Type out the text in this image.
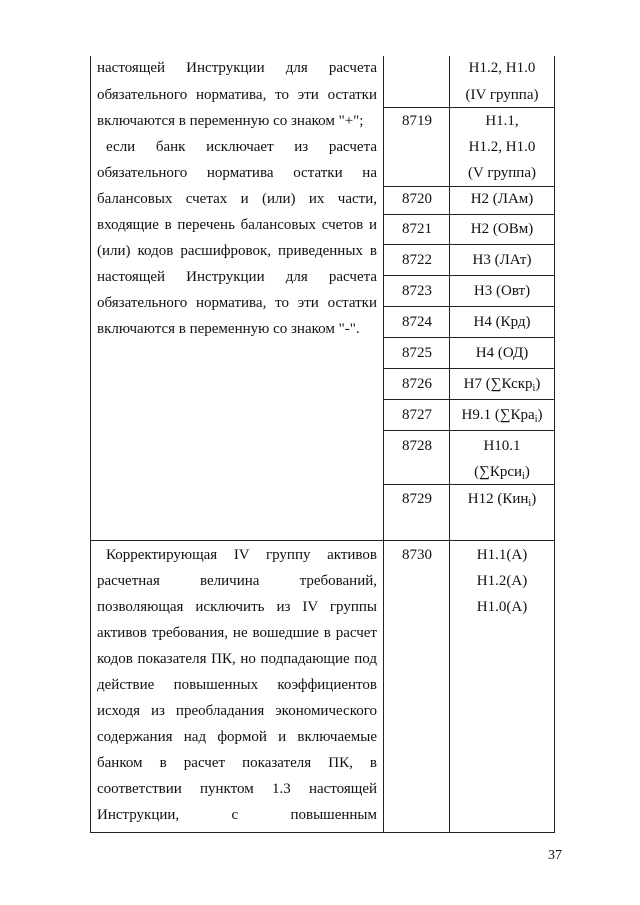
настоящей Инструкции для расчета
обязательного норматива, то эти остатки
включаются в переменную со знаком "+";
если банк исключает из расчета
обязательного норматива остатки на
балансовых счетах и (или) их части,
входящие в перечень балансовых счетов и
(или) кодов расшифровок, приведенных в
настоящей Инструкции для расчета
обязательного норматива, то эти остатки
включаются в переменную со знаком "-".
8719
8720
8721
8722
8723
8724
8725
8726
8727
8728
8729
Н1.2, Н1.0
(IV группа)
Н1.1,
Н1.2, Н1.0
(V группа)
Н2 (ЛАм)
Н2 (ОВм)
Н3 (ЛАт)
Н3 (Овт)
Н4 (Крд)
Н4 (ОД)
Н7 (∑Кскр$_i$)
Н9.1 (∑Кра$_i$)
Н10.1
(∑Крси$_i$)
Н12 (Кин$_i$)
Корректирующая IV группу активов
расчетная величина требований,
позволяющая исключить из IV группы
активов требования, не вошедшие в расчет
кодов показателя ПК, но подпадающие под
действие повышенных коэффициентов
исходя из преобладания экономического
содержания над формой и включаемые
банком в расчет показателя ПК, в
соответствии пунктом 1.3 настоящей
Инструкции, с повышенным
8730	Н1.1(А)
Н1.2(А)
Н1.0(А)
37
